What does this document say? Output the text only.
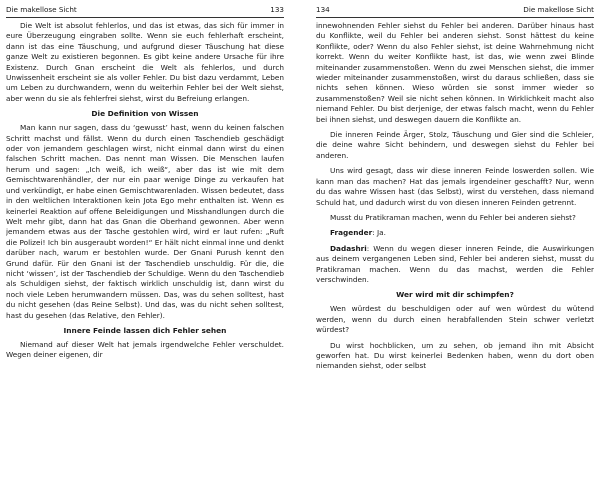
Die makellose Sicht	133

Die Welt ist absolut fehlerlos, und das ist etwas, das sich für immer in eure Überzeugung eingraben sollte. Wenn sie euch fehlerhaft erscheint, dann ist das eine Täuschung, und aufgrund dieser Täuschung hat diese ganze Welt zu existieren begonnen. Es gibt keine andere Ursache für ihre Existenz. Durch Gnan erscheint die Welt als fehlerlos, und durch Unwissenheit erscheint sie als voller Fehler. Du bist dazu verdammt, Leben um Leben zu durchwandern, wenn du weiterhin Fehler bei der Welt siehst, aber wenn du sie als fehlerfrei siehst, wirst du Befreiung erlangen.

Die Definition von Wissen

Man kann nur sagen, dass du ‘gewusst’ hast, wenn du keinen falschen Schritt machst und fällst. Wenn du durch einen Taschendieb geschädigt oder von jemandem geschlagen wirst, nicht einmal dann wirst du einen falschen Schritt machen. Das nennt man Wissen. Die Menschen laufen herum und sagen: „Ich weiß, ich weiß“, aber das ist wie mit dem Gemischtwarenhändler, der nur ein paar wenige Dinge zu verkaufen hat und verkündigt, er habe einen Gemischtwarenladen. Wissen bedeutet, dass in den weltlichen Interaktionen kein Jota Ego mehr enthalten ist. Wenn es keinerlei Reaktion auf offene Beleidigungen und Misshandlungen durch die Welt mehr gibt, dann hat das Gnan die Oberhand gewonnen. Aber wenn jemandem etwas aus der Tasche gestohlen wird, wird er laut rufen: „Ruft die Polizei! Ich bin ausgeraubt worden!“ Er hält nicht einmal inne und denkt darüber nach, warum er bestohlen wurde. Der Gnani Purush kennt den Grund dafür. Für den Gnani ist der Taschendieb unschuldig. Für die, die nicht ‘wissen’, ist der Taschendieb der Schuldige. Wenn du den Taschendieb als Schuldigen siehst, der faktisch wirklich unschuldig ist, dann wirst du noch viele Leben herumwandern müssen. Das, was du sehen solltest, hast du nicht gesehen (das Reine Selbst). Und das, was du nicht sehen solltest, hast du gesehen (das Relative, den Fehler).

Innere Feinde lassen dich Fehler sehen

Niemand auf dieser Welt hat jemals irgendwelche Fehler verschuldet. Wegen deiner eigenen, dir

134	Die makellose Sicht

innewohnenden Fehler siehst du Fehler bei anderen. Darüber hinaus hast du Konflikte, weil du Fehler bei anderen siehst. Sonst hättest du keine Konflikte, oder? Wenn du also Fehler siehst, ist deine Wahrnehmung nicht korrekt. Wenn du weiter Konflikte hast, ist das, wie wenn zwei Blinde miteinander zusammenstoßen. Wenn du zwei Menschen siehst, die immer wieder miteinander zusammenstoßen, wirst du daraus schließen, dass sie nichts sehen können. Wieso würden sie sonst immer wieder so zusammenstoßen? Weil sie nicht sehen können. In Wirklichkeit macht also niemand Fehler. Du bist derjenige, der etwas falsch macht, wenn du Fehler bei ihnen siehst, und deswegen dauern die Konflikte an.

Die inneren Feinde Ärger, Stolz, Täuschung und Gier sind die Schleier, die deine wahre Sicht behindern, und deswegen siehst du Fehler bei anderen.

Uns wird gesagt, dass wir diese inneren Feinde loswerden sollen. Wie kann man das machen? Hat das jemals irgendeiner geschafft? Nur, wenn du das wahre Wissen hast (das Selbst), wirst du verstehen, dass niemand Schuld hat, und dadurch wirst du von diesen inneren Feinden getrennt.

Musst du Pratikraman machen, wenn du Fehler bei anderen siehst?

Fragender: Ja.

Dadashri: Wenn du wegen dieser inneren Feinde, die Auswirkungen aus deinem vergangenen Leben sind, Fehler bei anderen siehst, musst du Pratikraman machen. Wenn du das machst, werden die Fehler verschwinden.

Wer wird mit dir schimpfen?

Wen würdest du beschuldigen oder auf wen würdest du wütend werden, wenn du durch einen herabfallenden Stein schwer verletzt würdest?

Du wirst hochblicken, um zu sehen, ob jemand ihn mit Absicht geworfen hat. Du wirst keinerlei Bedenken haben, wenn du dort oben niemanden siehst, oder selbst
